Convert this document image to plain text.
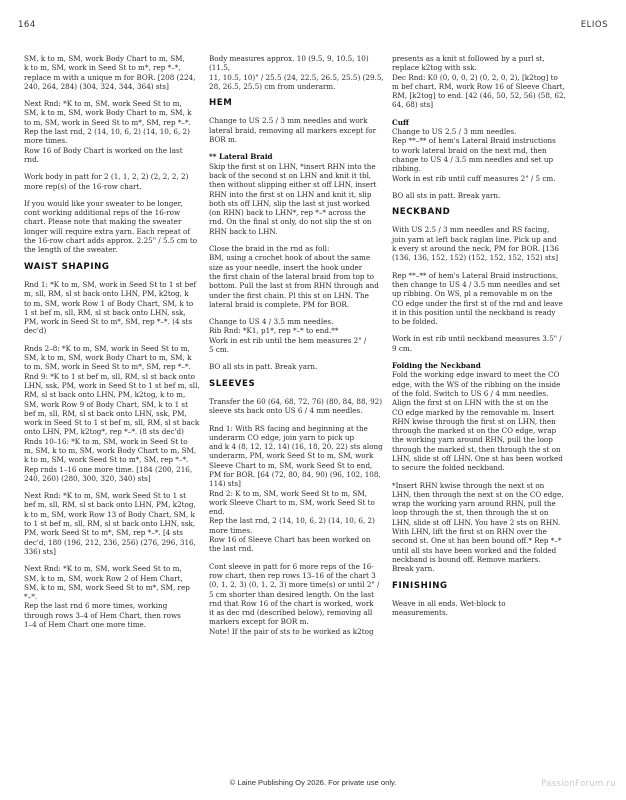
164	ELIOS

SM, k to m, SM, work Body Chart to m, SM,
k to m, SM, work in Seed St to m*, rep *–*,
replace m with a unique m for BOR. [208 (224,
240, 264, 284) (304, 324, 344, 364) sts]

Next Rnd: *K to m, SM, work Seed St to m,
SM, k to m, SM, work Body Chart to m, SM, k
to m, SM, work in Seed St to m*, SM, rep *–*.
Rep the last rnd, 2 (14, 10, 6, 2) (14, 10, 6, 2)
more times.
Row 16 of Body Chart is worked on the last
rnd.

Work body in patt for 2 (1, 1, 2, 2) (2, 2, 2, 2)
more rep(s) of the 16-row chart.

If you would like your sweater to be longer,
cont working additional reps of the 16-row
chart. Please note that making the sweater
longer will require extra yarn. Each repeat of
the 16-row chart adds approx. 2.25" / 5.5 cm to
the length of the sweater.

WAIST SHAPING

Rnd 1: *K to m, SM, work in Seed St to 1 st bef
m, sll, RM, sl st back onto LHN, PM, k2tog, k
to m, SM, work Row 1 of Body Chart, SM, k to
1 st bef m, sll, RM, sl st back onto LHN, ssk,
PM, work in Seed St to m*, SM, rep *–*. (4 sts
dec'd)

Rnds 2–8: *K to m, SM, work in Seed St to m,
SM, k to m, SM, work Body Chart to m, SM, k
to m, SM, work in Seed St to m*, SM, rep *–*.
Rnd 9: *K to 1 st bef m, sll, RM, sl st back onto
LHN, ssk, PM, work in Seed St to 1 st bef m, sll,
RM, sl st back onto LHN, PM, k2tog, k to m,
SM, work Row 9 of Body Chart, SM, k to 1 st
bef m, sll, RM, sl st back onto LHN, ssk, PM,
work in Seed St to 1 st bef m, sll, RM, sl st back
onto LHN, PM, k2tog*, rep *–*. (8 sts dec'd)
Rnds 10–16: *K to m, SM, work in Seed St to
m, SM, k to m, SM, work Body Chart to m, SM,
k to m, SM, work Seed St to m*, SM, rep *–*.
Rep rnds 1–16 one more time. [184 (200, 216,
240, 260) (280, 300, 320, 340) sts]

Next Rnd: *K to m, SM, work Seed St to 1 st
bef m, sll, RM, sl st back onto LHN, PM, k2tog,
k to m, SM, work Row 13 of Body Chart, SM, k
to 1 st bef m, sll, RM, sl st back onto LHN, ssk,
PM, work Seed St to m*, SM, rep *–*. [4 sts
dec'd, 180 (196, 212, 236, 256) (276, 296, 316,
336) sts]

Next Rnd: *K to m, SM, work Seed St to m,
SM, k to m, SM, work Row 2 of Hem Chart,
SM, k to m, SM, work Seed St to m*, SM, rep
*–*.
Rep the last rnd 6 more times, working
through rows 3–4 of Hem Chart, then rows
1–4 of Hem Chart one more time.

Body measures approx. 10 (9.5, 9, 10.5, 10) (11.5,
11, 10.5, 10)" / 25.5 (24, 22.5, 26.5, 25.5) (29.5,
28, 26.5, 25.5) cm from underarm.

HEM

Change to US 2.5 / 3 mm needles and work
lateral braid, removing all markers except for
BOR m.

** Lateral Braid

Skip the first st on LHN, *insert RHN into the
back of the second st on LHN and knit it tbl,
then without slipping either st off LHN, insert
RHN into the first st on LHN and knit it, slip
both sts off LHN, slip the last st just worked
(on RHN) back to LHN*, rep *–* across the
rnd. On the final st only, do not slip the st on
RHN back to LHN.

Close the braid in the rnd as foll:
BM, using a crochet hook of about the same
size as your needle, insert the hook under
the first chain of the lateral braid from top to
bottom. Pull the last st from RHN through and
under the first chain. Pl this st on LHN. The
lateral braid is complete. PM for BOR.

Change to US 4 / 3.5 mm needles.
Rib Rnd: *K1, p1*, rep *–* to end.**
Work in est rib until the hem measures 2" /
5 cm.

BO all sts in patt. Break yarn.

SLEEVES

Transfer the 60 (64, 68, 72, 76) (80, 84, 88, 92)
sleeve sts back onto US 6 / 4 mm needles.

Rnd 1: With RS facing and beginning at the
underarm CO edge, join yarn to pick up
and k 4 (8, 12, 12, 14) (16, 18, 20, 22) sts along
underarm, PM, work Seed St to m, SM, work
Sleeve Chart to m, SM, work Seed St to end,
PM for BOR. [64 (72, 80, 84, 90) (96, 102, 108,
114) sts]
Rnd 2: K to m, SM, work Seed St to m, SM,
work Sleeve Chart to m, SM, work Seed St to
end.
Rep the last rnd, 2 (14, 10, 6, 2) (14, 10, 6, 2)
more times.
Row 16 of Sleeve Chart has been worked on
the last rnd.

Cont sleeve in patt for 6 more reps of the 16-
row chart, then rep rows 13–16 of the chart 3
(0, 1, 2, 3) (0, 1, 2, 3) more time(s) or until 2" /
5 cm shorter than desired length. On the last
rnd that Row 16 of the chart is worked, work
it as dec rnd (described below), removing all
markers except for BOR m.
Note! If the pair of sts to be worked as k2tog

presents as a knit st followed by a purl st,
replace k2tog with ssk.
Dec Rnd: K0 (0, 0, 0, 2) (0, 2, 0, 2), [k2tog] to
m bef chart, RM, work Row 16 of Sleeve Chart,
RM, [k2tog] to end. [42 (46, 50, 52, 56) (58, 62,
64, 68) sts]

Cuff

Change to US 2.5 / 3 mm needles.
Rep **–** of hem's Lateral Braid instructions
to work lateral braid on the next rnd, then
change to US 4 / 3.5 mm needles and set up
ribbing.
Work in est rib until cuff measures 2" / 5 cm.

BO all sts in patt. Break yarn.

NECKBAND

With US 2.5 / 3 mm needles and RS facing,
join yarn at left back raglan line. Pick up and
k every st around the neck, PM for BOR. [136
(136, 136, 152, 152) (152, 152, 152, 152) sts]

Rep **–** of hem's Lateral Braid instructions,
then change to US 4 / 3.5 mm needles and set
up ribbing. On WS, pl a removable m on the
CO edge under the first st of the rnd and leave
it in this position until the neckband is ready
to be folded.

Work in est rib until neckband measures 3.5" /
9 cm.

Folding the Neckband

Fold the working edge inward to meet the CO
edge, with the WS of the ribbing on the inside
of the fold. Switch to US 6 / 4 mm needles.
Align the first st on LHN with the st on the
CO edge marked by the removable m. Insert
RHN kwise through the first st on LHN, then
through the marked st on the CO edge, wrap
the working yarn around RHN, pull the loop
through the marked st, then through the st on
LHN, slide st off LHN. One st has been worked
to secure the folded neckband.

*Insert RHN kwise through the next st on
LHN, then through the next st on the CO edge,
wrap the working yarn around RHN, pull the
loop through the st, then through the st on
LHN, slide st off LHN. You have 2 sts on RHN.
With LHN, lift the first st on RHN over the
second st. One st has been bound off.* Rep *–*
until all sts have been worked and the folded
neckband is bound off. Remove markers.
Break yarn.

FINISHING

Weave in all ends. Wet-block to
measurements.

© Laine Publishing Oy 2026. For private use only.	PassionForum.ru
